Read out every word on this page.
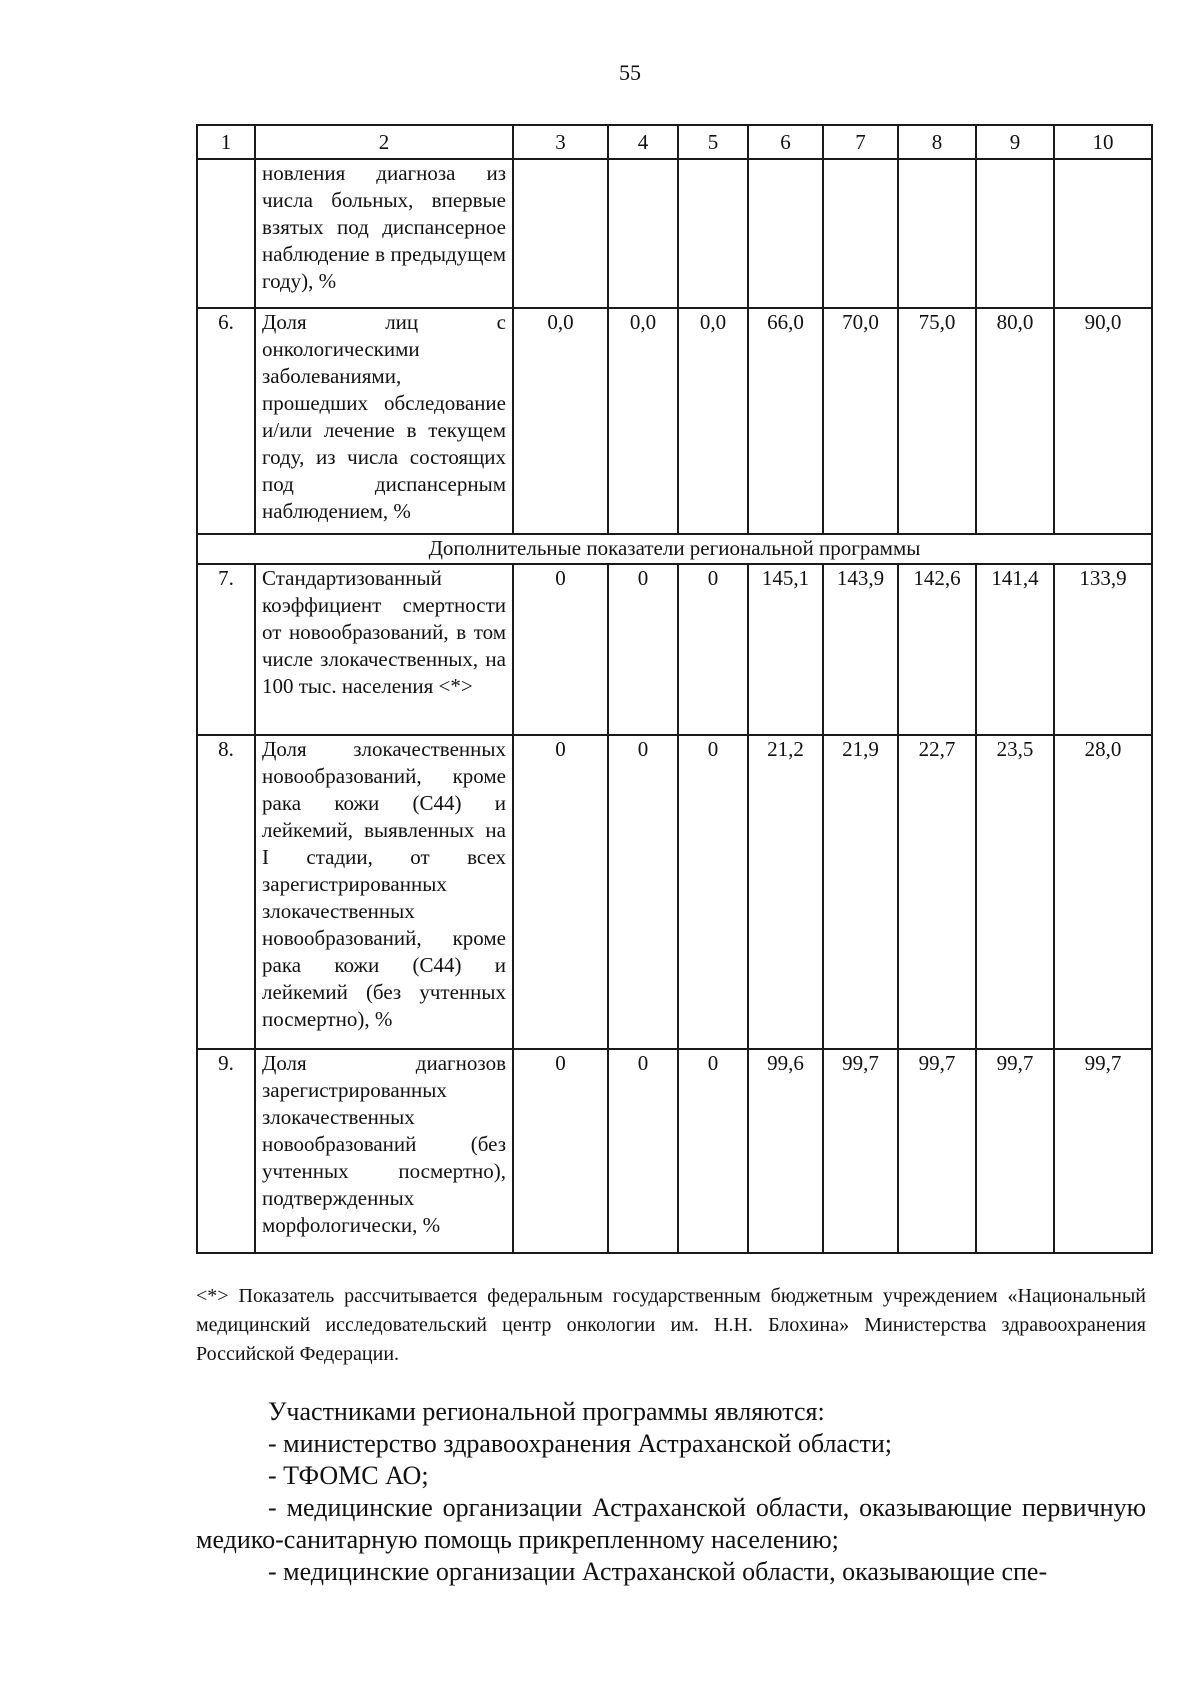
55
1	2	3	4	5	6	7	8	9	10
	новления диагноза из числа больных, впервые взятых под диспансерное наблюдение в предыдущем году), %								
6.	Доля лиц с онкологическими заболеваниями, прошедших обследование и/или лечение в текущем году, из числа состоящих под диспансерным наблюдением, %	0,0	0,0	0,0	66,0	70,0	75,0	80,0	90,0
Дополнительные показатели региональной программы									
7.	Стандартизованный коэффициент смертности от новообразований, в том числе злокачественных, на 100 тыс. населения <*>	0	0	0	145,1	143,9	142,6	141,4	133,9
8.	Доля злокачественных новообразований, кроме рака кожи (С44) и лейкемий, выявленных на I стадии, от всех зарегистрированных злокачественных новообразований, кроме рака кожи (С44) и лейкемий (без учтенных посмертно), %	0	0	0	21,2	21,9	22,7	23,5	28,0
9.	Доля диагнозов зарегистрированных злокачественных новообразований (без учтенных посмертно), подтвержденных морфологически, %	0	0	0	99,6	99,7	99,7	99,7	99,7
<*> Показатель рассчитывается федеральным государственным бюджетным учреждением «Национальный медицинский исследовательский центр онкологии им. Н.Н. Блохина» Министерства здравоохранения Российской Федерации.

Участниками региональной программы являются:

- министерство здравоохранения Астраханской области;

- ТФОМС АО;

- медицинские организации Астраханской области, оказывающие первичную медико-санитарную помощь прикрепленному населению;

- медицинские организации Астраханской области, оказывающие спе-
